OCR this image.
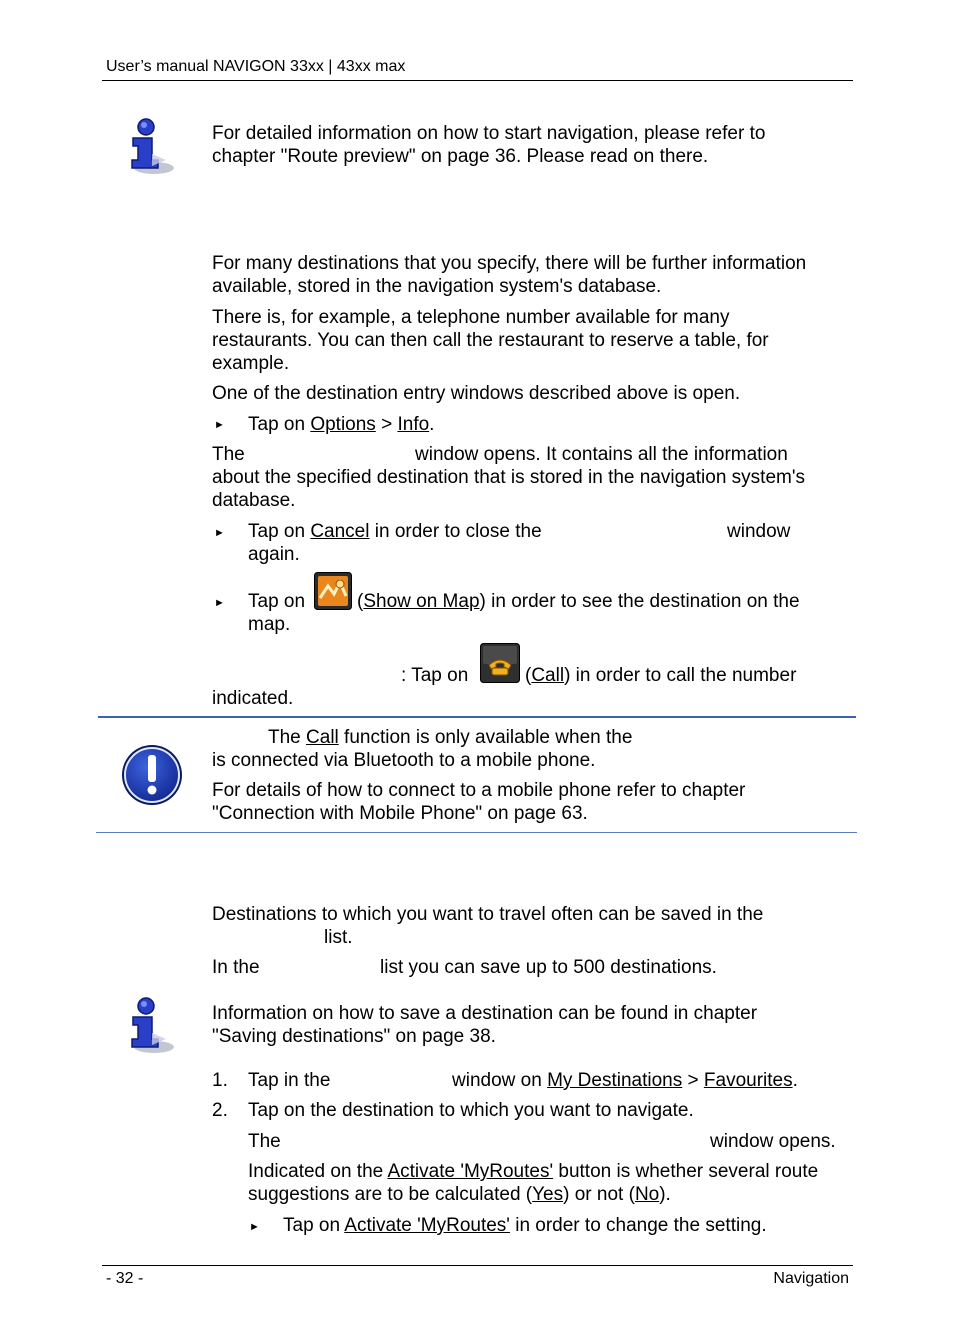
User’s manual NAVIGON 33xx | 43xx max
For detailed information on how to start navigation, please refer to
chapter "Route preview" on page 36. Please read on there.
For many destinations that you specify, there will be further information
available, stored in the navigation system's database.
There is, for example, a telephone number available for many
restaurants. You can then call the restaurant to reserve a table, for
example.
One of the destination entry windows described above is open.
► Tap on Options > Info.
The	window opens. It contains all the information
about the specified destination that is stored in the navigation system's
database.
► Tap on Cancel in order to close the	window
again.
► Tap on	(Show on Map) in order to see the destination on the
map.
: Tap on	(Call) in order to call the number
indicated.
The Call function is only available when the
is connected via Bluetooth to a mobile phone.
For details of how to connect to a mobile phone refer to chapter
"Connection with Mobile Phone" on page 63.
Destinations to which you want to travel often can be saved in the
list.
In the	list you can save up to 500 destinations.
Information on how to save a destination can be found in chapter
"Saving destinations" on page 38.
1. Tap in the	window on My Destinations > Favourites.
2. Tap on the destination to which you want to navigate.
The	window opens.
Indicated on the Activate 'MyRoutes' button is whether several route
suggestions are to be calculated (Yes) or not (No).
► Tap on Activate 'MyRoutes' in order to change the setting.
- 32 -	Navigation
